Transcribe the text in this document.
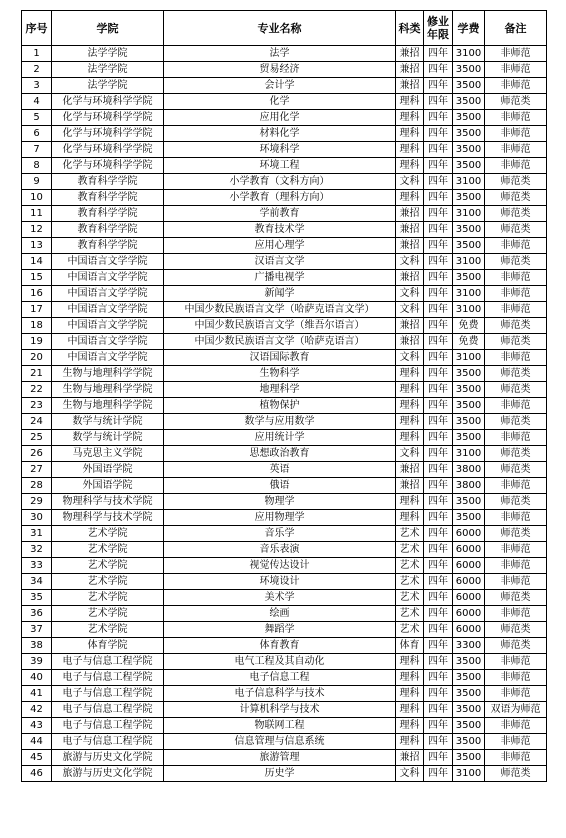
序号	学院	专业名称	科类	修业年限	学费	备注
1	法学学院	法学	兼招	四年	3100	非师范
2	法学学院	贸易经济	兼招	四年	3500	非师范
3	法学学院	会计学	兼招	四年	3500	非师范
4	化学与环境科学学院	化学	理科	四年	3500	师范类
5	化学与环境科学学院	应用化学	理科	四年	3500	非师范
6	化学与环境科学学院	材料化学	理科	四年	3500	非师范
7	化学与环境科学学院	环境科学	理科	四年	3500	非师范
8	化学与环境科学学院	环境工程	理科	四年	3500	非师范
9	教育科学学院	小学教育（文科方向）	文科	四年	3100	师范类
10	教育科学学院	小学教育（理科方向）	理科	四年	3500	师范类
11	教育科学学院	学前教育	兼招	四年	3100	师范类
12	教育科学学院	教育技术学	兼招	四年	3500	师范类
13	教育科学学院	应用心理学	兼招	四年	3500	非师范
14	中国语言文学学院	汉语言文学	文科	四年	3100	师范类
15	中国语言文学学院	广播电视学	兼招	四年	3500	非师范
16	中国语言文学学院	新闻学	文科	四年	3100	非师范
17	中国语言文学学院	中国少数民族语言文学（哈萨克语言文学）	文科	四年	3100	非师范
18	中国语言文学学院	中国少数民族语言文学（维吾尔语言）	兼招	四年	免费	师范类
19	中国语言文学学院	中国少数民族语言文学（哈萨克语言）	兼招	四年	免费	师范类
20	中国语言文学学院	汉语国际教育	文科	四年	3100	非师范
21	生物与地理科学学院	生物科学	理科	四年	3500	师范类
22	生物与地理科学学院	地理科学	理科	四年	3500	师范类
23	生物与地理科学学院	植物保护	理科	四年	3500	非师范
24	数学与统计学院	数学与应用数学	理科	四年	3500	师范类
25	数学与统计学院	应用统计学	理科	四年	3500	非师范
26	马克思主义学院	思想政治教育	文科	四年	3100	师范类
27	外国语学院	英语	兼招	四年	3800	师范类
28	外国语学院	俄语	兼招	四年	3800	非师范
29	物理科学与技术学院	物理学	理科	四年	3500	师范类
30	物理科学与技术学院	应用物理学	理科	四年	3500	非师范
31	艺术学院	音乐学	艺术	四年	6000	师范类
32	艺术学院	音乐表演	艺术	四年	6000	非师范
33	艺术学院	视觉传达设计	艺术	四年	6000	非师范
34	艺术学院	环境设计	艺术	四年	6000	非师范
35	艺术学院	美术学	艺术	四年	6000	师范类
36	艺术学院	绘画	艺术	四年	6000	非师范
37	艺术学院	舞蹈学	艺术	四年	6000	师范类
38	体育学院	体育教育	体育	四年	3300	师范类
39	电子与信息工程学院	电气工程及其自动化	理科	四年	3500	非师范
40	电子与信息工程学院	电子信息工程	理科	四年	3500	非师范
41	电子与信息工程学院	电子信息科学与技术	理科	四年	3500	非师范
42	电子与信息工程学院	计算机科学与技术	理科	四年	3500	双语为师范
43	电子与信息工程学院	物联网工程	理科	四年	3500	非师范
44	电子与信息工程学院	信息管理与信息系统	理科	四年	3500	非师范
45	旅游与历史文化学院	旅游管理	兼招	四年	3500	非师范
46	旅游与历史文化学院	历史学	文科	四年	3100	师范类
